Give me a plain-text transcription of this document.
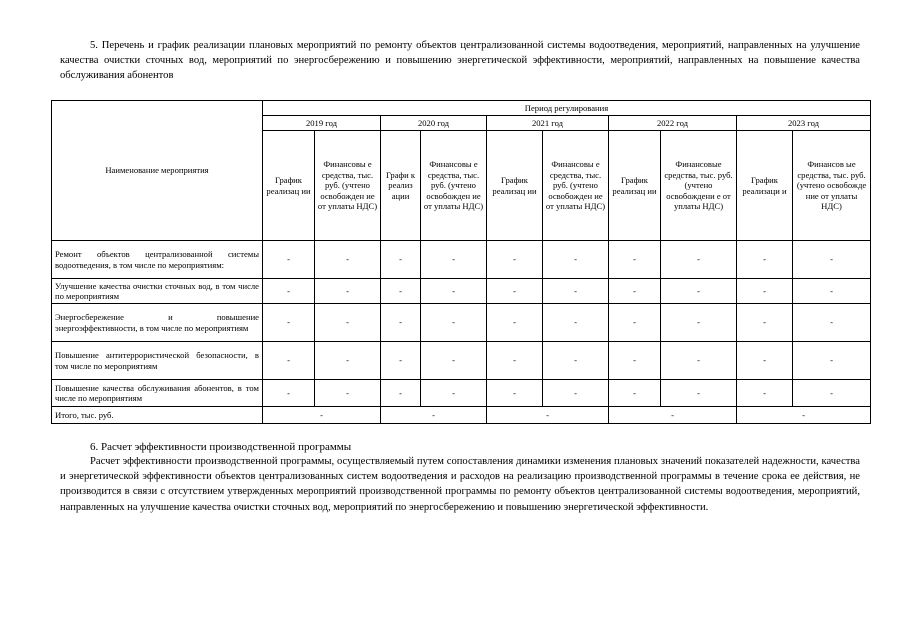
5. Перечень и график реализации плановых мероприятий по ремонту объектов централизованной системы водоотведения, мероприятий, направленных на улучшение качества очистки сточных вод, мероприятий по энергосбережению и повышению энергетической эффективности, мероприятий, направленных на повышение качества обслуживания абонентов
Наименование мероприятия	Период регулирования									
	2019 год		2020 год		2021 год		2022 год		2023 год	
	График реализац ии	Финансовы е средства, тыс. руб. (учтено освобожден ие от уплаты НДС)	Графи к реализ ации	Финансовы е средства, тыс. руб. (учтено освобожден ие от уплаты НДС)	График реализац ии	Финансовы е средства, тыс. руб. (учтено освобожден ие от уплаты НДС)	График реализац ии	Финансовые средства, тыс. руб. (учтено освобождени е от уплаты НДС)	График реализаци и	Финансов ые средства, тыс. руб. (учтено освобожде ние от уплаты НДС)

Ремонт объектов централизованной системы водоотведения, в том числе по мероприятиям:	-	-	-	-	-	-	-	-	-	-

Улучшение качества очистки сточных вод, в том числе по мероприятиям	-	-	-	-	-	-	-	-	-	-

Энергосбережение и повышение энергоэффективности, в том числе по мероприятиям	-	-	-	-	-	-	-	-	-	-

Повышение антитеррористической безопасности, в том числе по мероприятиям	-	-	-	-	-	-	-	-	-	-

Повышение качества обслуживания абонентов, в том числе по мероприятиям	-	-	-	-	-	-	-	-	-	-
Итого, тыс. руб.	-		-		-		-		-	
6. Расчет эффективности производственной программы
Расчет эффективности производственной программы, осуществляемый путем сопоставления динамики изменения плановых значений показателей надежности, качества и энергетической эффективности объектов централизованных систем водоотведения и расходов на реализацию производственной программы в течение срока ее действия, не производится в связи с отсутствием утвержденных мероприятий производственной программы по ремонту объектов централизованной системы водоотведения, мероприятий, направленных на улучшение качества очистки сточных вод, мероприятий по энергосбережению и повышению энергетической эффективности.
